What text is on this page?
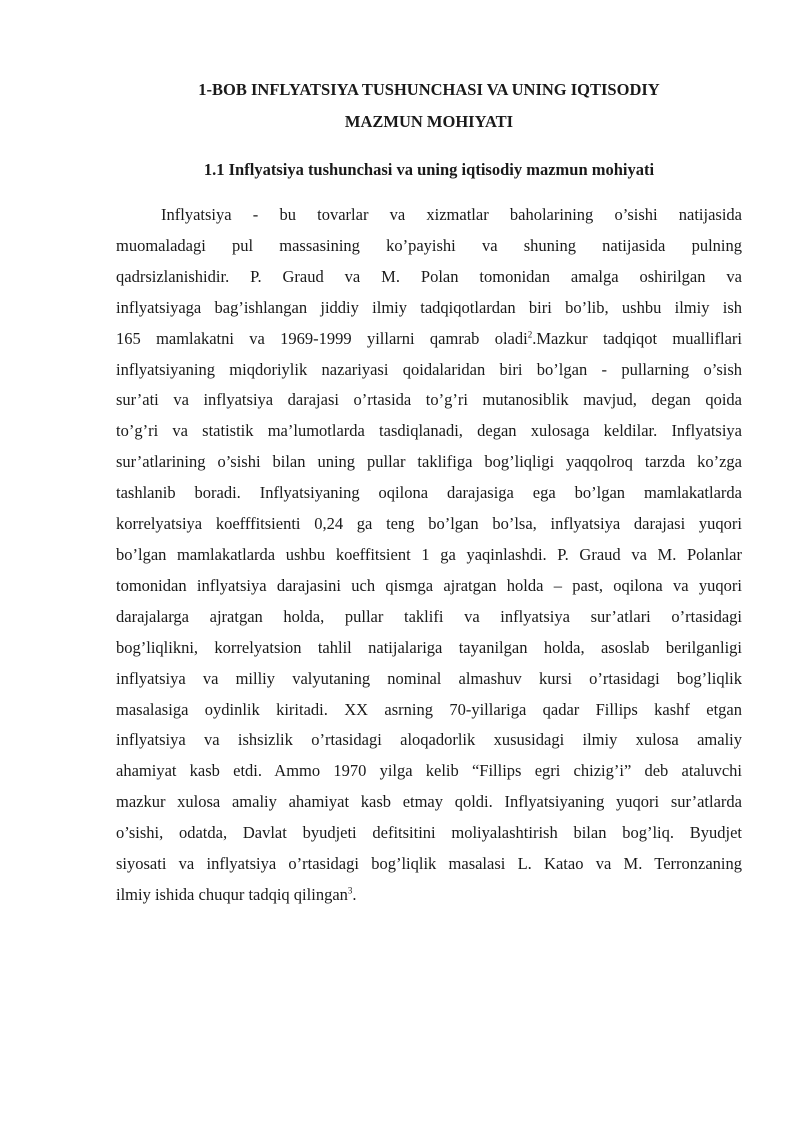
1-BOB INFLYATSIYA TUSHUNCHASI VA UNING IQTISODIY
MAZMUN MOHIYATI
1.1 Inflyatsiya tushunchasi va uning iqtisodiy mazmun mohiyati
Inflyatsiya - bu tovarlar va xizmatlar baholarining o’sishi natijasida
muomaladagi pul massasining ko’payishi va shuning natijasida pulning
qadrsizlanishidir. P. Graud va M. Polan tomonidan amalga oshirilgan va
inflyatsiyaga bag’ishlangan jiddiy ilmiy tadqiqotlardan biri bo’lib, ushbu ilmiy ish
165 mamlakatni va 1969-1999 yillarni qamrab oladi$^2$.Mazkur tadqiqot mualliflari
inflyatsiyaning miqdoriylik nazariyasi qoidalaridan biri bo’lgan - pullarning o’sish
sur’ati va inflyatsiya darajasi o’rtasida to’g’ri mutanosiblik mavjud, degan qoida
to’g’ri va statistik ma’lumotlarda tasdiqlanadi, degan xulosaga keldilar. Inflyatsiya
sur’atlarining o’sishi bilan uning pullar taklifiga bog’liqligi yaqqolroq tarzda ko’zga
tashlanib boradi. Inflyatsiyaning oqilona darajasiga ega bo’lgan mamlakatlarda
korrelyatsiya koefffitsienti 0,24 ga teng bo’lgan bo’lsa, inflyatsiya darajasi yuqori
bo’lgan mamlakatlarda ushbu koeffitsient 1 ga yaqinlashdi. P. Graud va M. Polanlar
tomonidan inflyatsiya darajasini uch qismga ajratgan holda – past, oqilona va yuqori
darajalarga ajratgan holda, pullar taklifi va inflyatsiya sur’atlari o’rtasidagi
bog’liqlikni, korrelyatsion tahlil natijalariga tayanilgan holda, asoslab berilganligi
inflyatsiya va milliy valyutaning nominal almashuv kursi o’rtasidagi bog’liqlik
masalasiga oydinlik kiritadi. XX asrning 70-yillariga qadar Fillips kashf etgan
inflyatsiya va ishsizlik o’rtasidagi aloqadorlik xususidagi ilmiy xulosa amaliy
ahamiyat kasb etdi. Ammo 1970 yilga kelib “Fillips egri chizig’i” deb ataluvchi
mazkur xulosa amaliy ahamiyat kasb etmay qoldi. Inflyatsiyaning yuqori sur’atlarda
o’sishi, odatda, Davlat byudjeti defitsitini moliyalashtirish bilan bog’liq. Byudjet
siyosati va inflyatsiya o’rtasidagi bog’liqlik masalasi L. Katao va M. Terronzaning
ilmiy ishida chuqur tadqiq qilingan$^3$.
